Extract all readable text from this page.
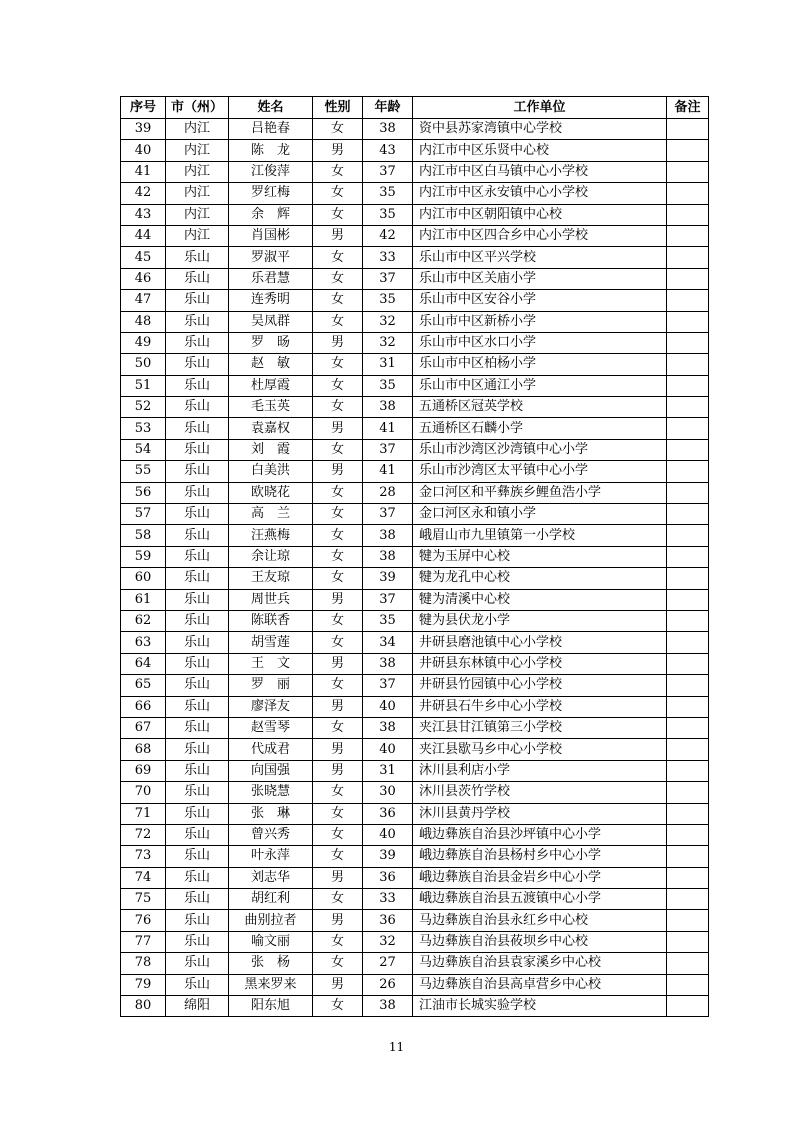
序号	市（州）	姓名	性别	年龄	工作单位	备注
39	内江	吕艳春	女	38	资中县苏家湾镇中心学校	
40	内江	陈　龙	男	43	内江市中区乐贤中心校	
41	内江	江俊萍	女	37	内江市中区白马镇中心小学校	
42	内江	罗红梅	女	35	内江市中区永安镇中心小学校	
43	内江	余　辉	女	35	内江市中区朝阳镇中心校	
44	内江	肖国彬	男	42	内江市中区四合乡中心小学校	
45	乐山	罗淑平	女	33	乐山市中区平兴学校	
46	乐山	乐君慧	女	37	乐山市中区关庙小学	
47	乐山	连秀明	女	35	乐山市中区安谷小学	
48	乐山	吴凤群	女	32	乐山市中区新桥小学	
49	乐山	罗　旸	男	32	乐山市中区水口小学	
50	乐山	赵　敏	女	31	乐山市中区柏杨小学	
51	乐山	杜厚霞	女	35	乐山市中区通江小学	
52	乐山	毛玉英	女	38	五通桥区冠英学校	
53	乐山	袁嘉权	男	41	五通桥区石麟小学	
54	乐山	刘　霞	女	37	乐山市沙湾区沙湾镇中心小学	
55	乐山	白美洪	男	41	乐山市沙湾区太平镇中心小学	
56	乐山	欧晓花	女	28	金口河区和平彝族乡鲤鱼浩小学	
57	乐山	高　兰	女	37	金口河区永和镇小学	
58	乐山	汪燕梅	女	38	峨眉山市九里镇第一小学校	
59	乐山	余让琼	女	38	犍为玉屏中心校	
60	乐山	王友琼	女	39	犍为龙孔中心校	
61	乐山	周世兵	男	37	犍为清溪中心校	
62	乐山	陈联香	女	35	犍为县伏龙小学	
63	乐山	胡雪莲	女	34	井研县磨池镇中心小学校	
64	乐山	王　文	男	38	井研县东林镇中心小学校	
65	乐山	罗　丽	女	37	井研县竹园镇中心小学校	
66	乐山	廖泽友	男	40	井研县石牛乡中心小学校	
67	乐山	赵雪琴	女	38	夹江县甘江镇第三小学校	
68	乐山	代成君	男	40	夹江县歇马乡中心小学校	
69	乐山	向国强	男	31	沐川县利店小学	
70	乐山	张晓慧	女	30	沐川县茨竹学校	
71	乐山	张　琳	女	36	沐川县黄丹学校	
72	乐山	曾兴秀	女	40	峨边彝族自治县沙坪镇中心小学	
73	乐山	叶永萍	女	39	峨边彝族自治县杨村乡中心小学	
74	乐山	刘志华	男	36	峨边彝族自治县金岩乡中心小学	
75	乐山	胡红利	女	33	峨边彝族自治县五渡镇中心小学	
76	乐山	曲别拉者	男	36	马边彝族自治县永红乡中心校	
77	乐山	喻文丽	女	32	马边彝族自治县莜坝乡中心校	
78	乐山	张　杨	女	27	马边彝族自治县袁家溪乡中心校	
79	乐山	黑来罗来	男	26	马边彝族自治县高卓营乡中心校	
80	绵阳	阳东旭	女	38	江油市长城实验学校	
11
